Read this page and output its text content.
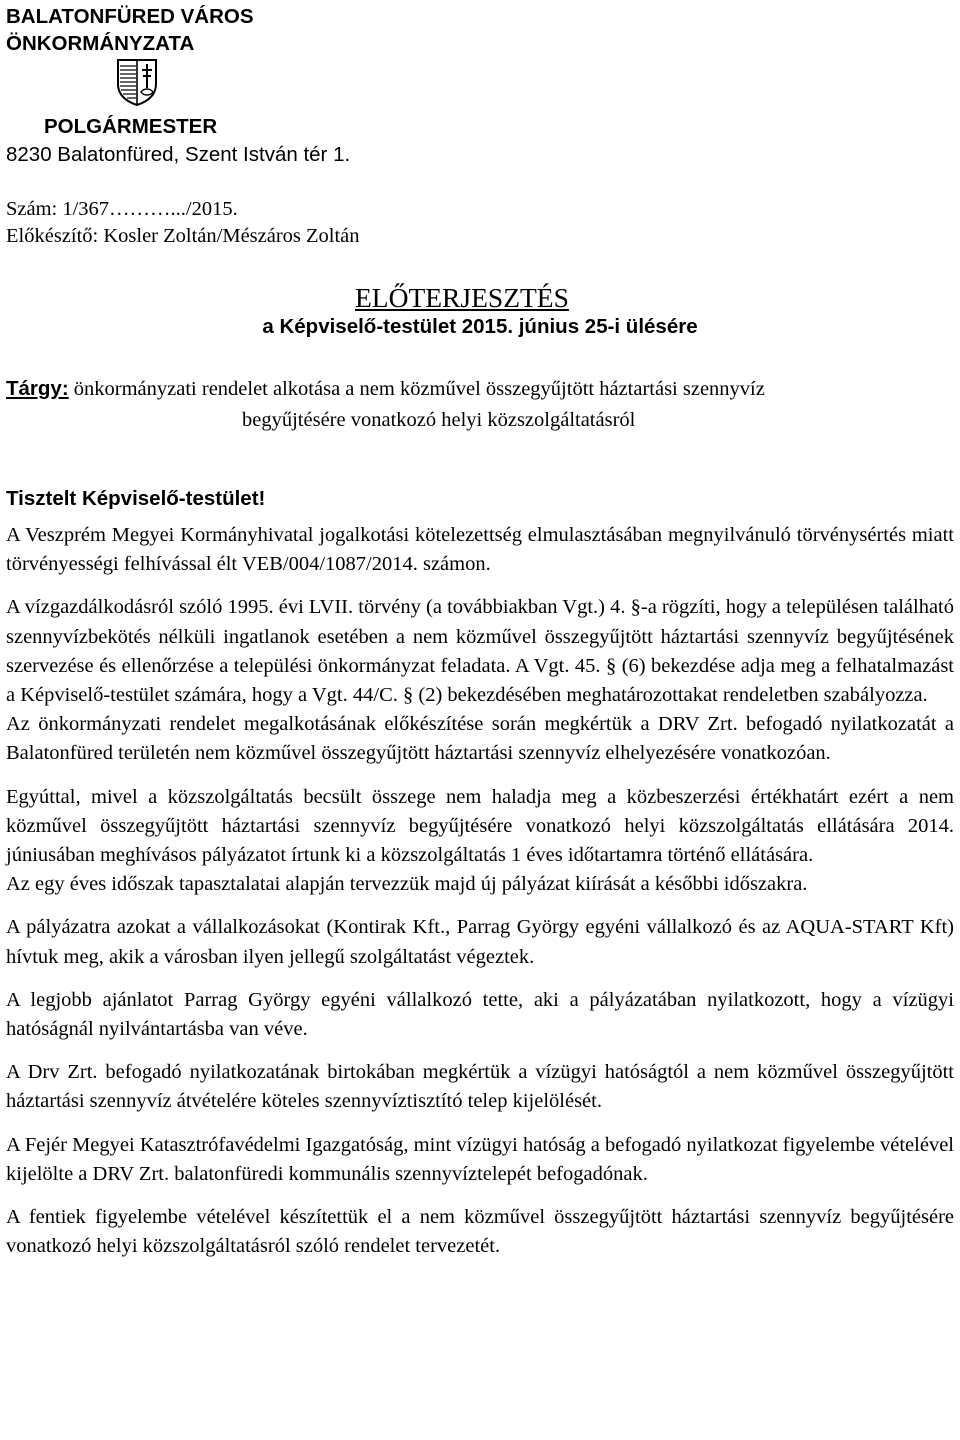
BALATONFÜRED VÁROS
ÖNKORMÁNYZATA
POLGÁRMESTER
8230 Balatonfüred, Szent István tér 1.
Szám: 1/367……….../2015.
Előkészítő: Kosler Zoltán/Mészáros Zoltán
ELŐTERJESZTÉS
a Képviselő-testület 2015. június 25-i ülésére
Tárgy: önkormányzati rendelet alkotása a nem közművel összegyűjtött háztartási szennyvíz
begyűjtésére vonatkozó helyi közszolgáltatásról
Tisztelt Képviselő-testület!

A Veszprém Megyei Kormányhivatal jogalkotási kötelezettség elmulasztásában megnyilvánuló törvénysértés miatt törvényességi felhívással élt VEB/004/1087/2014. számon.

A vízgazdálkodásról szóló 1995. évi LVII. törvény (a továbbiakban Vgt.) 4. §-a rögzíti, hogy a településen található szennyvízbekötés nélküli ingatlanok esetében a nem közművel összegyűjtött háztartási szennyvíz begyűjtésének szervezése és ellenőrzése a települési önkormányzat feladata. A Vgt. 45. § (6) bekezdése adja meg a felhatalmazást a Képviselő-testület számára, hogy a Vgt. 44/C. § (2) bekezdésében meghatározottakat rendeletben szabályozza.

Az önkormányzati rendelet megalkotásának előkészítése során megkértük a DRV Zrt. befogadó nyilatkozatát a Balatonfüred területén nem közművel összegyűjtött háztartási szennyvíz elhelyezésére vonatkozóan.

Egyúttal, mivel a közszolgáltatás becsült összege nem haladja meg a közbeszerzési értékhatárt ezért a nem közművel összegyűjtött háztartási szennyvíz begyűjtésére vonatkozó helyi közszolgáltatás ellátására 2014. júniusában meghívásos pályázatot írtunk ki a közszolgáltatás 1 éves időtartamra történő ellátására.

Az egy éves időszak tapasztalatai alapján tervezzük majd új pályázat kiírását a későbbi időszakra.

A pályázatra azokat a vállalkozásokat (Kontirak Kft., Parrag György egyéni vállalkozó és az AQUA-START Kft) hívtuk meg, akik a városban ilyen jellegű szolgáltatást végeztek.

A legjobb ajánlatot Parrag György egyéni vállalkozó tette, aki a pályázatában nyilatkozott, hogy a vízügyi hatóságnál nyilvántartásba van véve.

A Drv Zrt. befogadó nyilatkozatának birtokában megkértük a vízügyi hatóságtól a nem közművel összegyűjtött háztartási szennyvíz átvételére köteles szennyvíztisztító telep kijelölését.

A Fejér Megyei Katasztrófavédelmi Igazgatóság, mint vízügyi hatóság a befogadó nyilatkozat figyelembe vételével kijelölte a DRV Zrt. balatonfüredi kommunális szennyvíztelepét befogadónak.

A fentiek figyelembe vételével készítettük el a nem közművel összegyűjtött háztartási szennyvíz begyűjtésére vonatkozó helyi közszolgáltatásról szóló rendelet tervezetét.
